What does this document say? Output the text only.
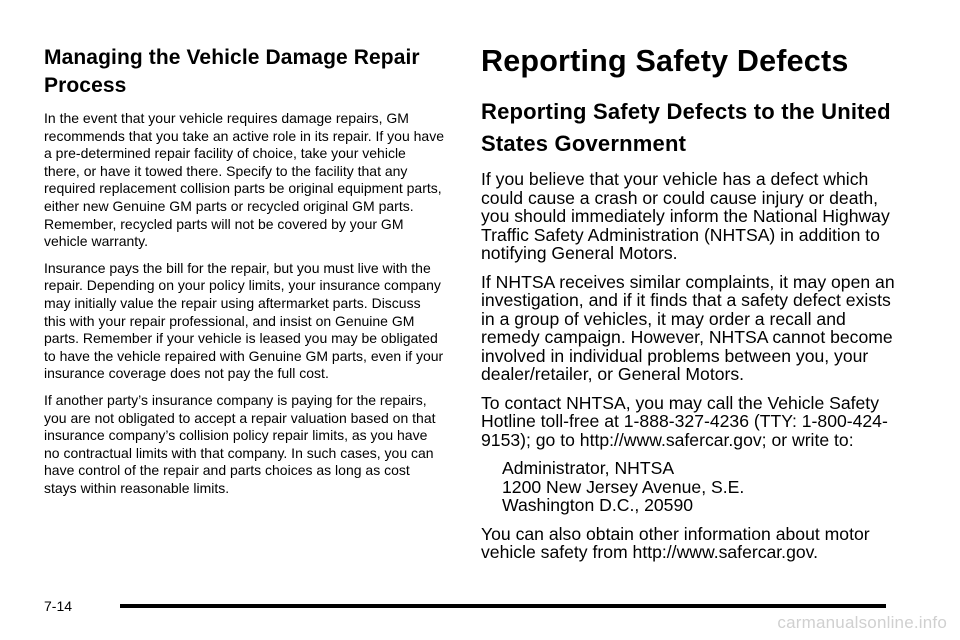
Managing the Vehicle Damage Repair Process

In the event that your vehicle requires damage repairs, GM recommends that you take an active role in its repair. If you have a pre-determined repair facility of choice, take your vehicle there, or have it towed there. Specify to the facility that any required replacement collision parts be original equipment parts, either new Genuine GM parts or recycled original GM parts. Remember, recycled parts will not be covered by your GM vehicle warranty.

Insurance pays the bill for the repair, but you must live with the repair. Depending on your policy limits, your insurance company may initially value the repair using aftermarket parts. Discuss this with your repair professional, and insist on Genuine GM parts. Remember if your vehicle is leased you may be obligated to have the vehicle repaired with Genuine GM parts, even if your insurance coverage does not pay the full cost.

If another party’s insurance company is paying for the repairs, you are not obligated to accept a repair valuation based on that insurance company’s collision policy repair limits, as you have no contractual limits with that company. In such cases, you can have control of the repair and parts choices as long as cost stays within reasonable limits.

Reporting Safety Defects
Reporting Safety Defects to the United States Government

If you believe that your vehicle has a defect which could cause a crash or could cause injury or death, you should immediately inform the National Highway Traffic Safety Administration (NHTSA) in addition to notifying General Motors.

If NHTSA receives similar complaints, it may open an investigation, and if it finds that a safety defect exists in a group of vehicles, it may order a recall and remedy campaign. However, NHTSA cannot become involved in individual problems between you, your dealer/retailer, or General Motors.

To contact NHTSA, you may call the Vehicle Safety Hotline toll-free at 1-888-327-4236 (TTY: 1-800-424-9153); go to http://www.safercar.gov; or write to:

Administrator, NHTSA
1200 New Jersey Avenue, S.E.
Washington D.C., 20590

You can also obtain other information about motor vehicle safety from http://www.safercar.gov.

7-14
carmanualsonline.info
